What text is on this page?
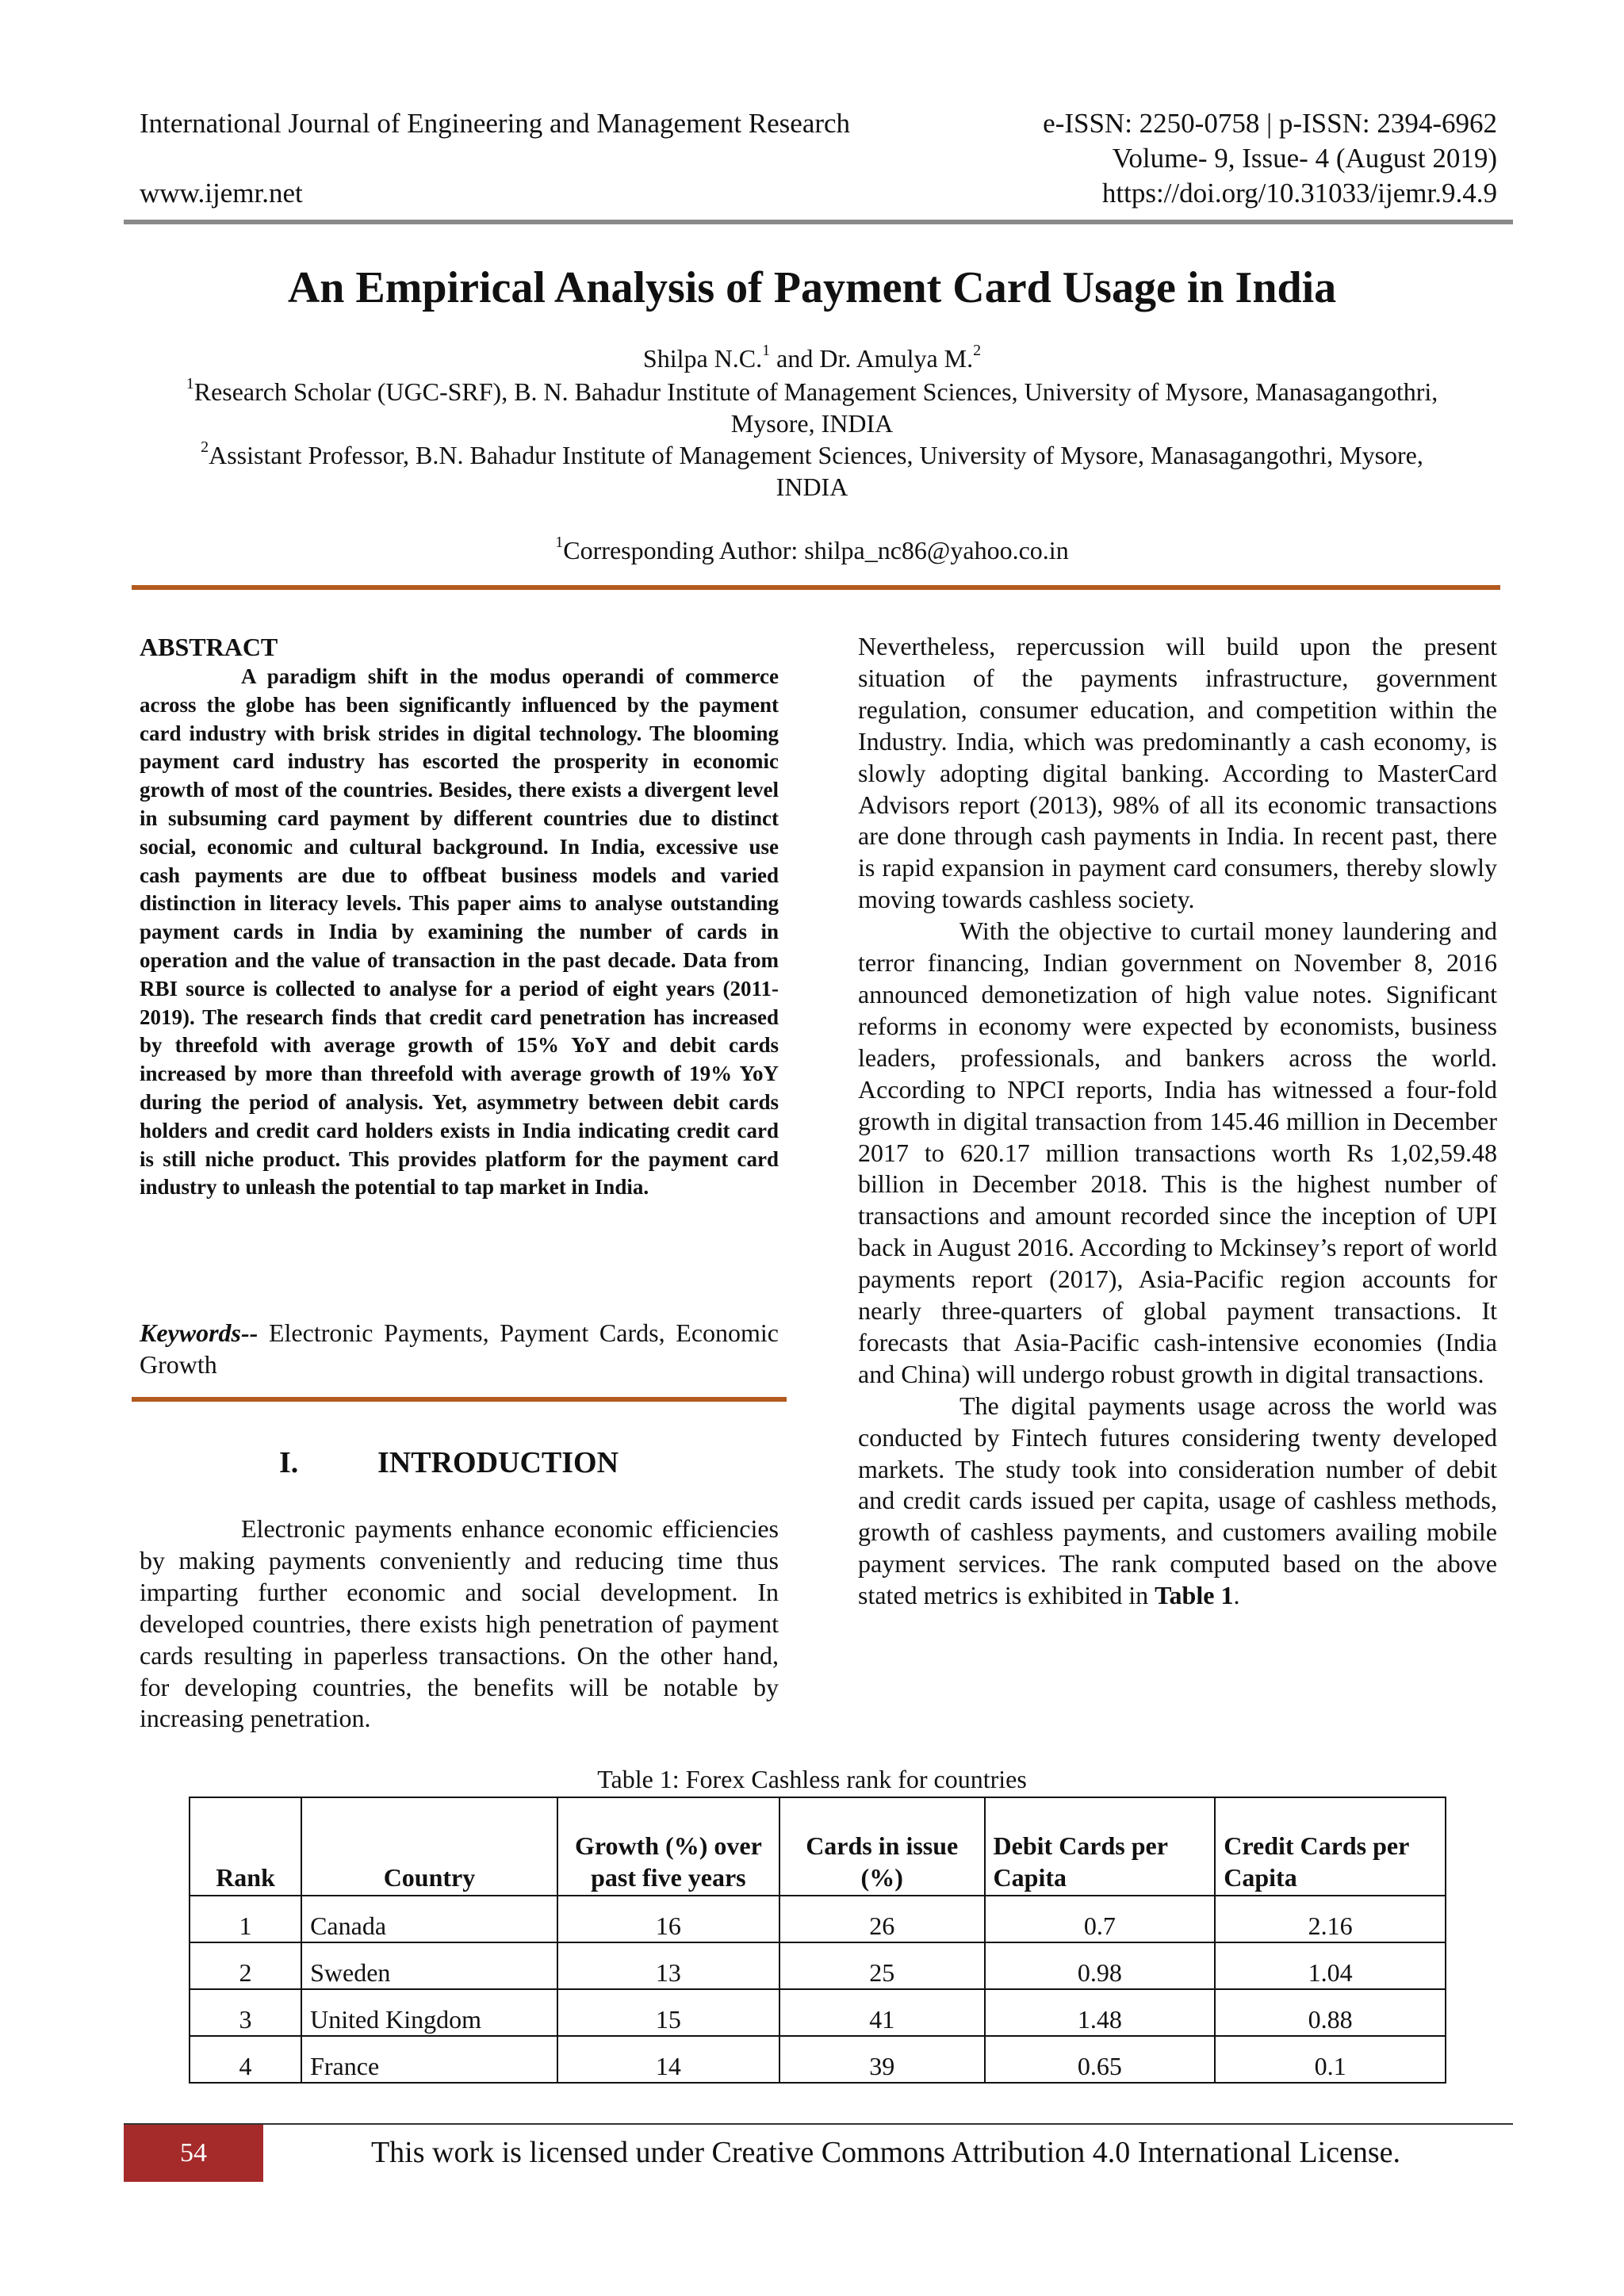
International Journal of Engineering and Management Research	e-ISSN: 2250-0758 | p-ISSN: 2394-6962
Volume- 9, Issue- 4 (August 2019)
www.ijemr.net	https://doi.org/10.31033/ijemr.9.4.9
An Empirical Analysis of Payment Card Usage in India
Shilpa N.C.$^1$ and Dr. Amulya M.$^2$
$^1$Research Scholar (UGC-SRF), B. N. Bahadur Institute of Management Sciences, University of Mysore, Manasagangothri,
Mysore, INDIA
$^2$Assistant Professor, B.N. Bahadur Institute of Management Sciences, University of Mysore, Manasagangothri, Mysore,
INDIA
$^1$Corresponding Author: shilpa_nc86@yahoo.co.in
ABSTRACT

A paradigm shift in the modus operandi of commerce across the globe has been significantly influenced by the payment card industry with brisk strides in digital technology. The blooming payment card industry has escorted the prosperity in economic growth of most of the countries. Besides, there exists a divergent level in subsuming card payment by different countries due to distinct social, economic and cultural background. In India, excessive use cash payments are due to offbeat business models and varied distinction in literacy levels. This paper aims to analyse outstanding payment cards in India by examining the number of cards in operation and the value of transaction in the past decade. Data from RBI source is collected to analyse for a period of eight years (2011-2019). The research finds that credit card penetration has increased by threefold with average growth of 15% YoY and debit cards increased by more than threefold with average growth of 19% YoY during the period of analysis. Yet, asymmetry between debit cards holders and credit card holders exists in India indicating credit card is still niche product. This provides platform for the payment card industry to unleash the potential to tap market in India.

Keywords-- Electronic Payments, Payment Cards, Economic Growth
I.	INTRODUCTION

Electronic payments enhance economic efficiencies by making payments conveniently and reducing time thus imparting further economic and social development. In developed countries, there exists high penetration of payment cards resulting in paperless transactions. On the other hand, for developing countries, the benefits will be notable by increasing penetration.

Nevertheless, repercussion will build upon the present situation of the payments infrastructure, government regulation, consumer education, and competition within the Industry. India, which was predominantly a cash economy, is slowly adopting digital banking. According to MasterCard Advisors report (2013), 98% of all its economic transactions are done through cash payments in India. In recent past, there is rapid expansion in payment card consumers, thereby slowly moving towards cashless society.

With the objective to curtail money laundering and terror financing, Indian government on November 8, 2016 announced demonetization of high value notes. Significant reforms in economy were expected by economists, business leaders, professionals, and bankers across the world. According to NPCI reports, India has witnessed a four-fold growth in digital transaction from 145.46 million in December 2017 to 620.17 million transactions worth Rs 1,02,59.48 billion in December 2018. This is the highest number of transactions and amount recorded since the inception of UPI back in August 2016. According to Mckinsey’s report of world payments report (2017), Asia-Pacific region accounts for nearly three-quarters of global payment transactions. It forecasts that Asia-Pacific cash-intensive economies (India and China) will undergo robust growth in digital transactions.

The digital payments usage across the world was conducted by Fintech futures considering twenty developed markets. The study took into consideration number of debit and credit cards issued per capita, usage of cashless methods, growth of cashless payments, and customers availing mobile payment services. The rank computed based on the above stated metrics is exhibited in Table 1.

Table 1: Forex Cashless rank for countries
Rank	Country	Growth (%) over past five years	Cards in issue (%)	Debit Cards per Capita	Credit Cards per Capita
1	Canada	16	26	0.7	2.16
2	Sweden	13	25	0.98	1.04
3	United Kingdom	15	41	1.48	0.88
4	France	14	39	0.65	0.1
54	This work is licensed under Creative Commons Attribution 4.0 International License.
